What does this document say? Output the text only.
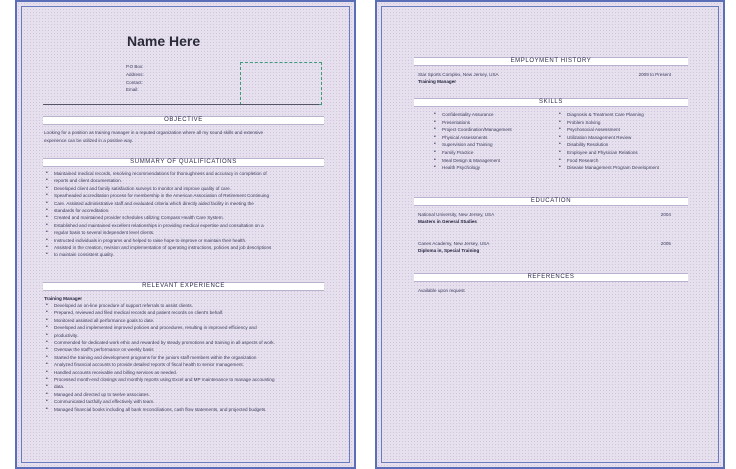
Name Here
P.O Box:
Address:
Contact:
Email:
OBJECTIVE
Looking for a position as training manager in a reputed organization where all my sound skills and extensive
experience can be utilized in a positive way.
SUMMARY OF QUALIFICATIONS
• Maintained medical records, resolving recommendations for thoroughness and accuracy in completion of
• reports and client documentation.
• Developed client and family satisfaction surveys to monitor and improve quality of care.
• Spearheaded accreditation process for membership in the American Association of Retirement Continuing
• Care. Assisted administrative staff and evaluated criteria which directly aided facility in meeting the
• standards for accreditation.
• Created and maintained provider schedules utilizing Compass Health Care System.
• Established and maintained excellent relationships in providing medical expertise and consultation on a
• regular basis to several independent level clients.
• Instructed individuals in programs and helped to raise hope to improve or maintain their health.
• Assisted in the creation, revision and implementation of operating instructions, policies and job descriptions
• to maintain consistent quality.
RELEVANT EXPERIENCE
Training Manager
• Developed an on-line procedure of support referrals to assist clients.
• Prepared, reviewed and filed medical records and patient records on client's behalf.
• Monitored assisted all performance goals to date.
• Developed and implemented improved policies and procedures, resulting in improved efficiency and
• productivity.
• Commended for dedicated work ethic and rewarded by steady promotions and training in all aspects of work.
• Oversaw the staff's performance on weekly basis
• Started the training and development programs for the juniors staff members within the organization
• Analyzed financial accounts to provide detailed reports of fiscal health to senior management.
• Handled accounts receivable and billing services as needed.
• Processed month-end closings and monthly reports using Excel and MP maintenance to manage accounting
• data.
• Managed and directed up to twelve associates.
• Communicated tactfully and effectively with team.
• Managed financial books including all bank reconciliations, cash flow statements, and projected budgets.
EMPLOYMENT HISTORY
Star Sports Complex, New Jersey, USA	2009 to Present
Training Manager
SKILLS
• Confidentiality Assurance
• Presentations
• Project Coordination/Management
• Physical Assessments
• Supervision and Training
• Family Practice
• Meal Design & Management
• Health Psychology
• Diagnosis & Treatment Care Planning
• Problem Solving
• Psychosocial Assessment
• Utilization Management Review
• Disability Resolution
• Employee and Physician Relations
• Food Research
• Disease Management Program Development
EDUCATION
National University, New Jersey, USA	2004
Masters in General Studies
Canes Academy, New Jersey, USA	2005
Diploma in, Special Training
REFERENCES
Available upon request
